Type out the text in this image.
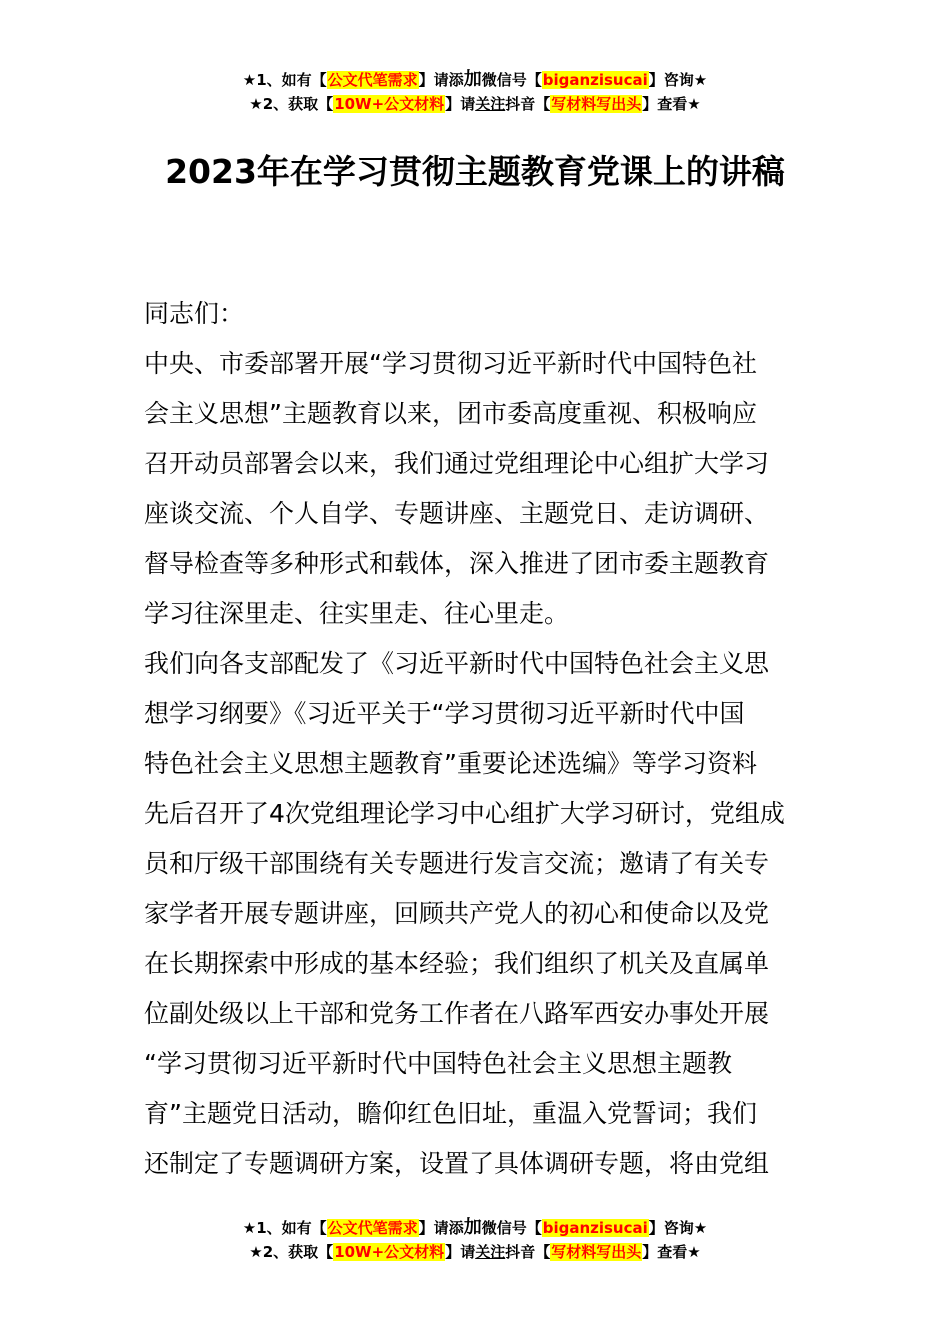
★1、如有【公文代笔需求】请添加微信号【biganzisucai】咨询★
★2、获取【10W+公文材料】请关注抖音【写材料写出头】查看★
2023年在学习贯彻主题教育党课上的讲稿

同志们：

中央、市委部署开展“学习贯彻习近平新时代中国特色社

会主义思想”主题教育以来，团市委高度重视、积极响应

召开动员部署会以来，我们通过党组理论中心组扩大学习

座谈交流、个人自学、专题讲座、主题党日、走访调研、

督导检查等多种形式和载体，深入推进了团市委主题教育

学习往深里走、往实里走、往心里走。

我们向各支部配发了《习近平新时代中国特色社会主义思

想学习纲要》《习近平关于“学习贯彻习近平新时代中国

特色社会主义思想主题教育”重要论述选编》等学习资料

先后召开了4次党组理论学习中心组扩大学习研讨，党组成

员和厅级干部围绕有关专题进行发言交流；邀请了有关专

家学者开展专题讲座，回顾共产党人的初心和使命以及党

在长期探索中形成的基本经验；我们组织了机关及直属单

位副处级以上干部和党务工作者在八路军西安办事处开展

“学习贯彻习近平新时代中国特色社会主义思想主题教

育”主题党日活动，瞻仰红色旧址，重温入党誓词；我们

还制定了专题调研方案，设置了具体调研专题，将由党组

★1、如有【公文代笔需求】请添加微信号【biganzisucai】咨询★
★2、获取【10W+公文材料】请关注抖音【写材料写出头】查看★
